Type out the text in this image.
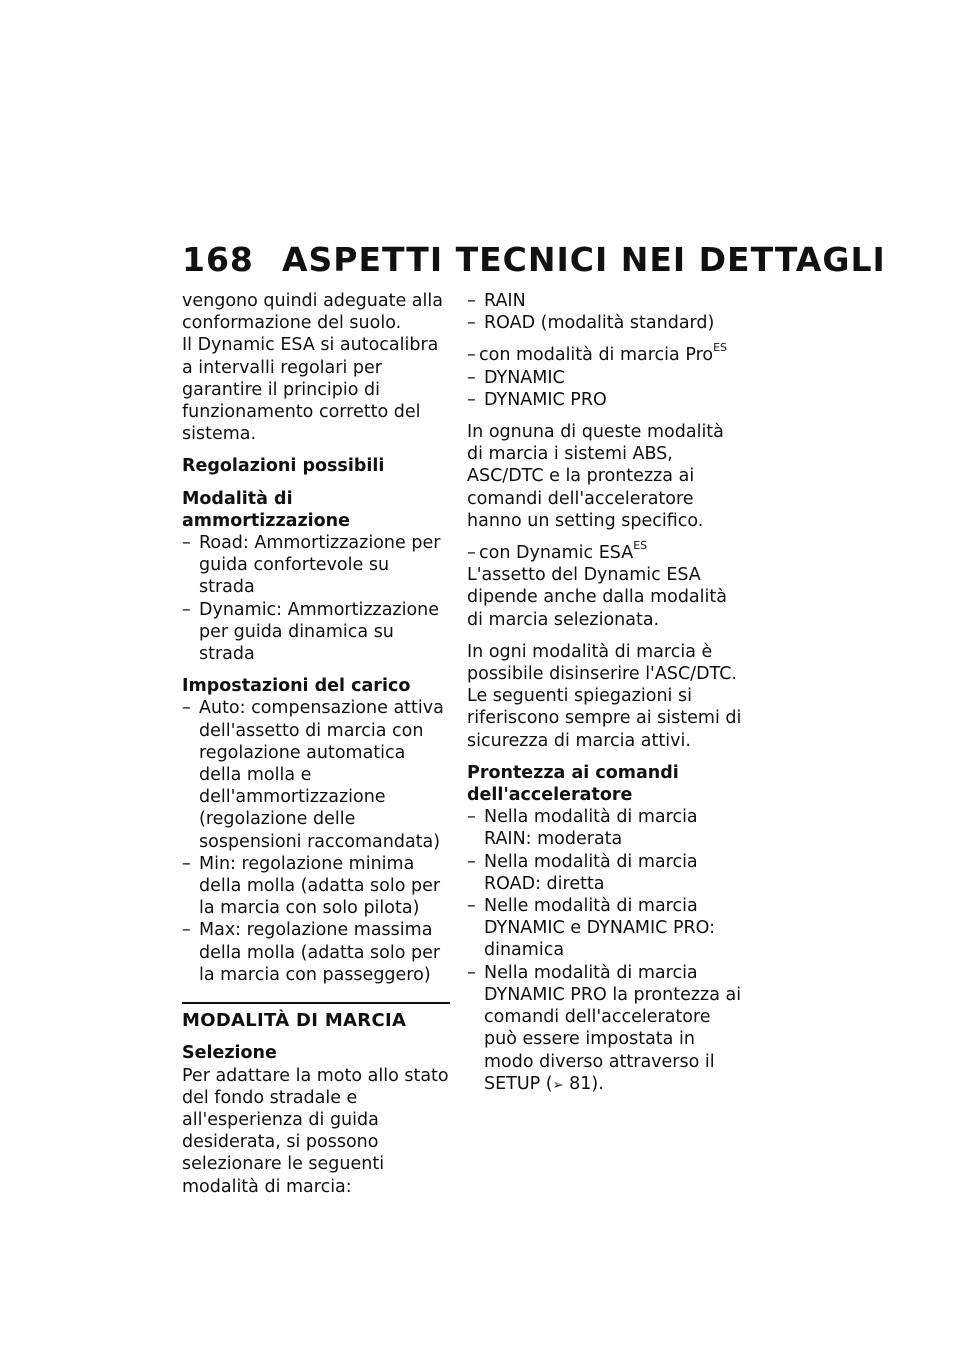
168 ASPETTI TECNICI NEI DETTAGLI

vengono quindi adeguate alla conformazione del suolo.

Il Dynamic ESA si autocalibra a intervalli regolari per garantire il principio di funzionamento corretto del sistema.

Regolazioni possibili
Modalità di ammortizzazione
– Road: Ammortizzazione per guida confortevole su strada
– Dynamic: Ammortizzazione per guida dinamica su strada
Impostazioni del carico
– Auto: compensazione attiva dell'assetto di marcia con regolazione automatica della molla e dell'ammortizzazione (regolazione delle sospensioni raccomandata)
– Min: regolazione minima della molla (adatta solo per la marcia con solo pilota)
– Max: regolazione massima della molla (adatta solo per la marcia con passeggero)
MODALITÀ DI MARCIA
Selezione

Per adattare la moto allo stato del fondo stradale e all'esperienza di guida desiderata, si possono selezionare le seguenti modalità di marcia:

– RAIN
– ROAD (modalità standard)
– con modalità di marcia Pro$^{ES}$
– DYNAMIC
– DYNAMIC PRO

In ognuna di queste modalità di marcia i sistemi ABS, ASC/DTC e la prontezza ai comandi dell'acceleratore hanno un setting specifico.

– con Dynamic $ESA^{ES}$

L'assetto del Dynamic ESA dipende anche dalla modalità di marcia selezionata.

In ogni modalità di marcia è possibile disinserire l'ASC/DTC. Le seguenti spiegazioni si riferiscono sempre ai sistemi di sicurezza di marcia attivi.

Prontezza ai comandi dell'acceleratore
– Nella modalità di marcia RAIN: moderata
– Nella modalità di marcia ROAD: diretta
– Nelle modalità di marcia DYNAMIC e DYNAMIC PRO: dinamica
– Nella modalità di marcia DYNAMIC PRO la prontezza ai comandi dell'acceleratore può essere impostata in modo diverso attraverso il SETUP (➢ 81).
